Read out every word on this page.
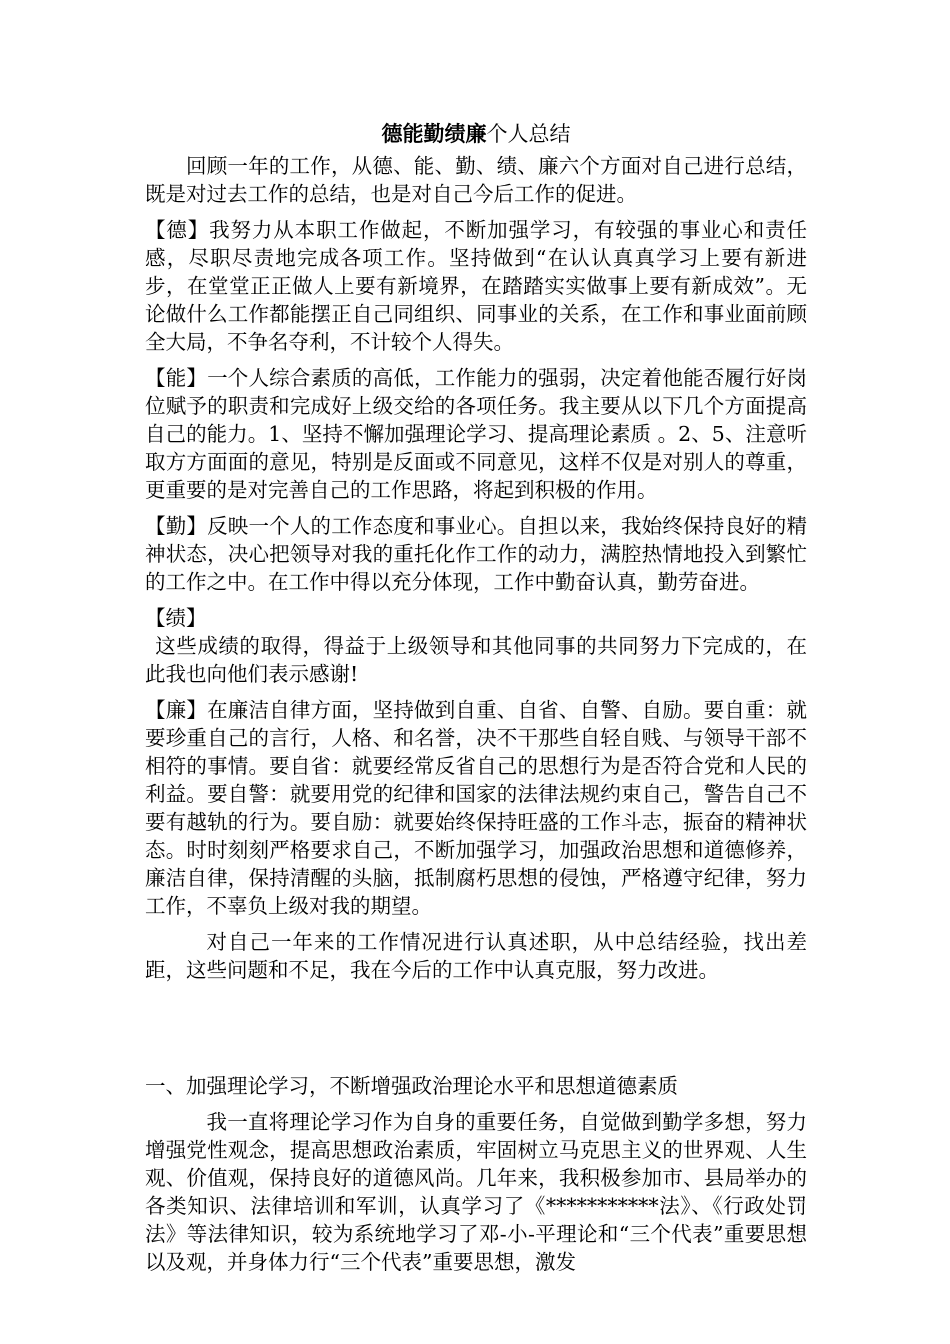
德能勤绩廉个人总结

回顾一年的工作，从德、能、勤、绩、廉六个方面对自己进行总结，既是对过去工作的总结，也是对自己今后工作的促进。

【德】我努力从本职工作做起，不断加强学习，有较强的事业心和责任感，尽职尽责地完成各项工作。坚持做到“在认认真真学习上要有新进步，在堂堂正正做人上要有新境界，在踏踏实实做事上要有新成效”。无论做什么工作都能摆正自己同组织、同事业的关系，在工作和事业面前顾全大局，不争名夺利，不计较个人得失。

【能】一个人综合素质的高低，工作能力的强弱，决定着他能否履行好岗位赋予的职责和完成好上级交给的各项任务。我主要从以下几个方面提高自己的能力。1、坚持不懈加强理论学习、提高理论素质 。2、5、注意听取方方面面的意见，特别是反面或不同意见，这样不仅是对别人的尊重，更重要的是对完善自己的工作思路，将起到积极的作用。

【勤】反映一个人的工作态度和事业心。自担以来，我始终保持良好的精神状态，决心把领导对我的重托化作工作的动力，满腔热情地投入到繁忙的工作之中。在工作中得以充分体现，工作中勤奋认真，勤劳奋进。

【绩】

这些成绩的取得，得益于上级领导和其他同事的共同努力下完成的，在此我也向他们表示感谢!

【廉】在廉洁自律方面，坚持做到自重、自省、自警、自励。要自重：就要珍重自己的言行，人格、和名誉，决不干那些自轻自贱、与领导干部不相符的事情。要自省：就要经常反省自己的思想行为是否符合党和人民的利益。要自警：就要用党的纪律和国家的法律法规约束自己，警告自己不要有越轨的行为。要自励：就要始终保持旺盛的工作斗志，振奋的精神状态。时时刻刻严格要求自己，不断加强学习，加强政治思想和道德修养，廉洁自律，保持清醒的头脑，抵制腐朽思想的侵蚀，严格遵守纪律，努力工作，不辜负上级对我的期望。

对自己一年来的工作情况进行认真述职，从中总结经验，找出差距，这些问题和不足，我在今后的工作中认真克服，努力改进。

一、加强理论学习，不断增强政治理论水平和思想道德素质

我一直将理论学习作为自身的重要任务，自觉做到勤学多想，努力增强党性观念，提高思想政治素质，牢固树立马克思主义的世界观、人生观、价值观，保持良好的道德风尚。几年来，我积极参加市、县局举办的各类知识、法律培训和军训，认真学习了《***********法》、《行政处罚法》等法律知识，较为系统地学习了邓-小-平理论和“三个代表”重要思想以及观，并身体力行“三个代表”重要思想，激发
